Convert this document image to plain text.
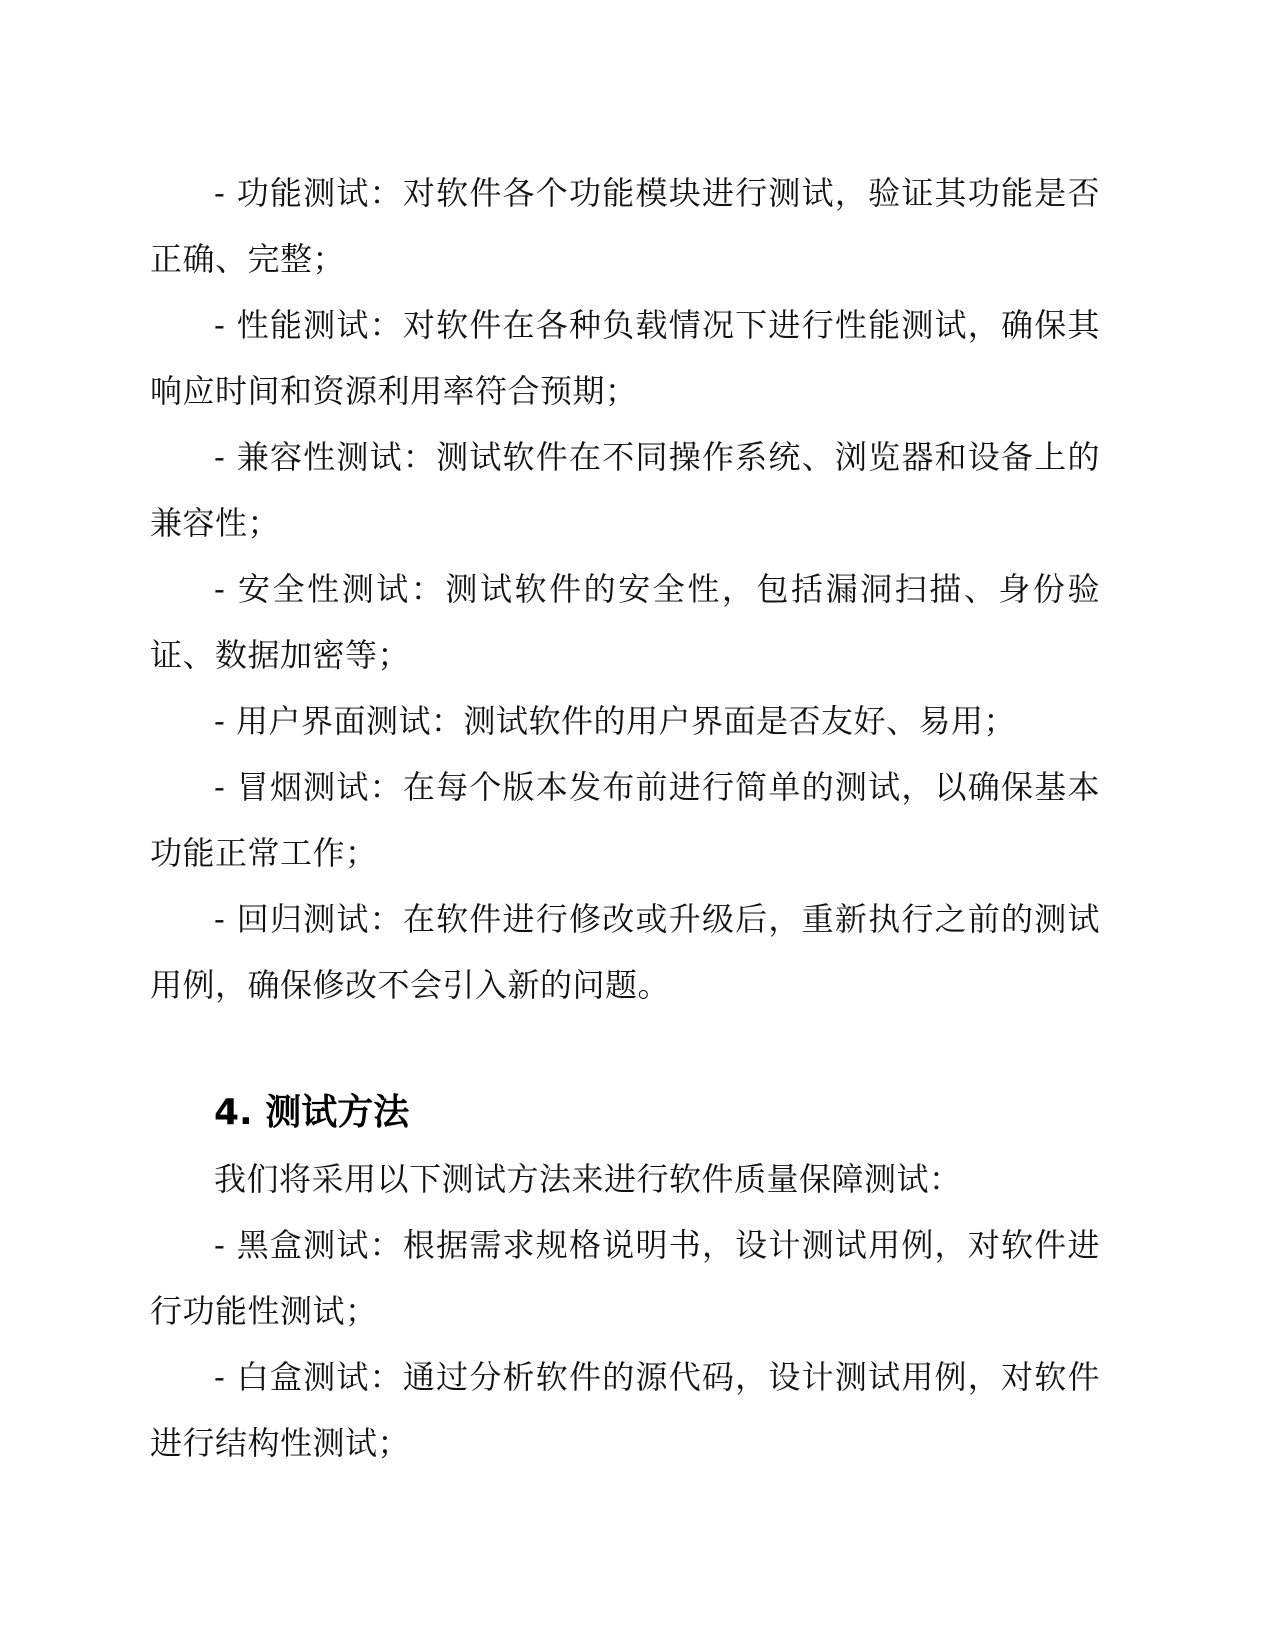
- 功能测试：对软件各个功能模块进行测试，验证其功能是否正确、完整；

- 性能测试：对软件在各种负载情况下进行性能测试，确保其响应时间和资源利用率符合预期；

- 兼容性测试：测试软件在不同操作系统、浏览器和设备上的兼容性；

- 安全性测试：测试软件的安全性，包括漏洞扫描、身份验证、数据加密等；

- 用户界面测试：测试软件的用户界面是否友好、易用；

- 冒烟测试：在每个版本发布前进行简单的测试，以确保基本功能正常工作；

- 回归测试：在软件进行修改或升级后，重新执行之前的测试用例，确保修改不会引入新的问题。

4. 测试方法

我们将采用以下测试方法来进行软件质量保障测试：

- 黑盒测试：根据需求规格说明书，设计测试用例，对软件进行功能性测试；

- 白盒测试：通过分析软件的源代码，设计测试用例，对软件进行结构性测试；
